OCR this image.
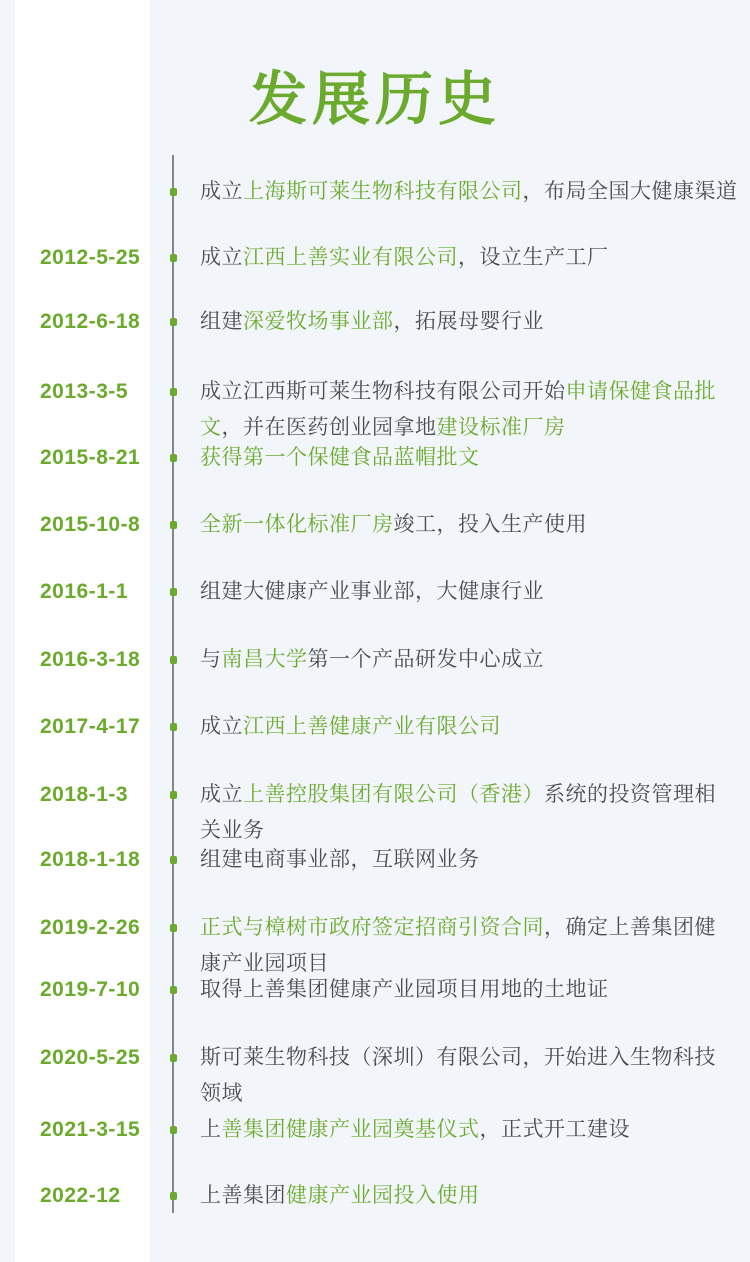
发展历史
成立上海斯可莱生物科技有限公司，布局全国大健康渠道
2012-5-25	成立江西上善实业有限公司，设立生产工厂
2012-6-18	组建深爱牧场事业部，拓展母婴行业
2013-3-5	成立江西斯可莱生物科技有限公司开始申请保健食品批
文，并在医药创业园拿地建设标准厂房
2015-8-21	获得第一个保健食品蓝帽批文
2015-10-8	全新一体化标准厂房竣工，投入生产使用
2016-1-1	组建大健康产业事业部，大健康行业
2016-3-18	与南昌大学第一个产品研发中心成立
2017-4-17	成立江西上善健康产业有限公司
2018-1-3	成立上善控股集团有限公司（香港）系统的投资管理相
关业务
2018-1-18	组建电商事业部，互联网业务
2019-2-26	正式与樟树市政府签定招商引资合同，确定上善集团健
康产业园项目
2019-7-10	取得上善集团健康产业园项目用地的土地证
2020-5-25	斯可莱生物科技（深圳）有限公司，开始进入生物科技
领域
2021-3-15	上善集团健康产业园奠基仪式，正式开工建设
2022-12	上善集团健康产业园投入使用
